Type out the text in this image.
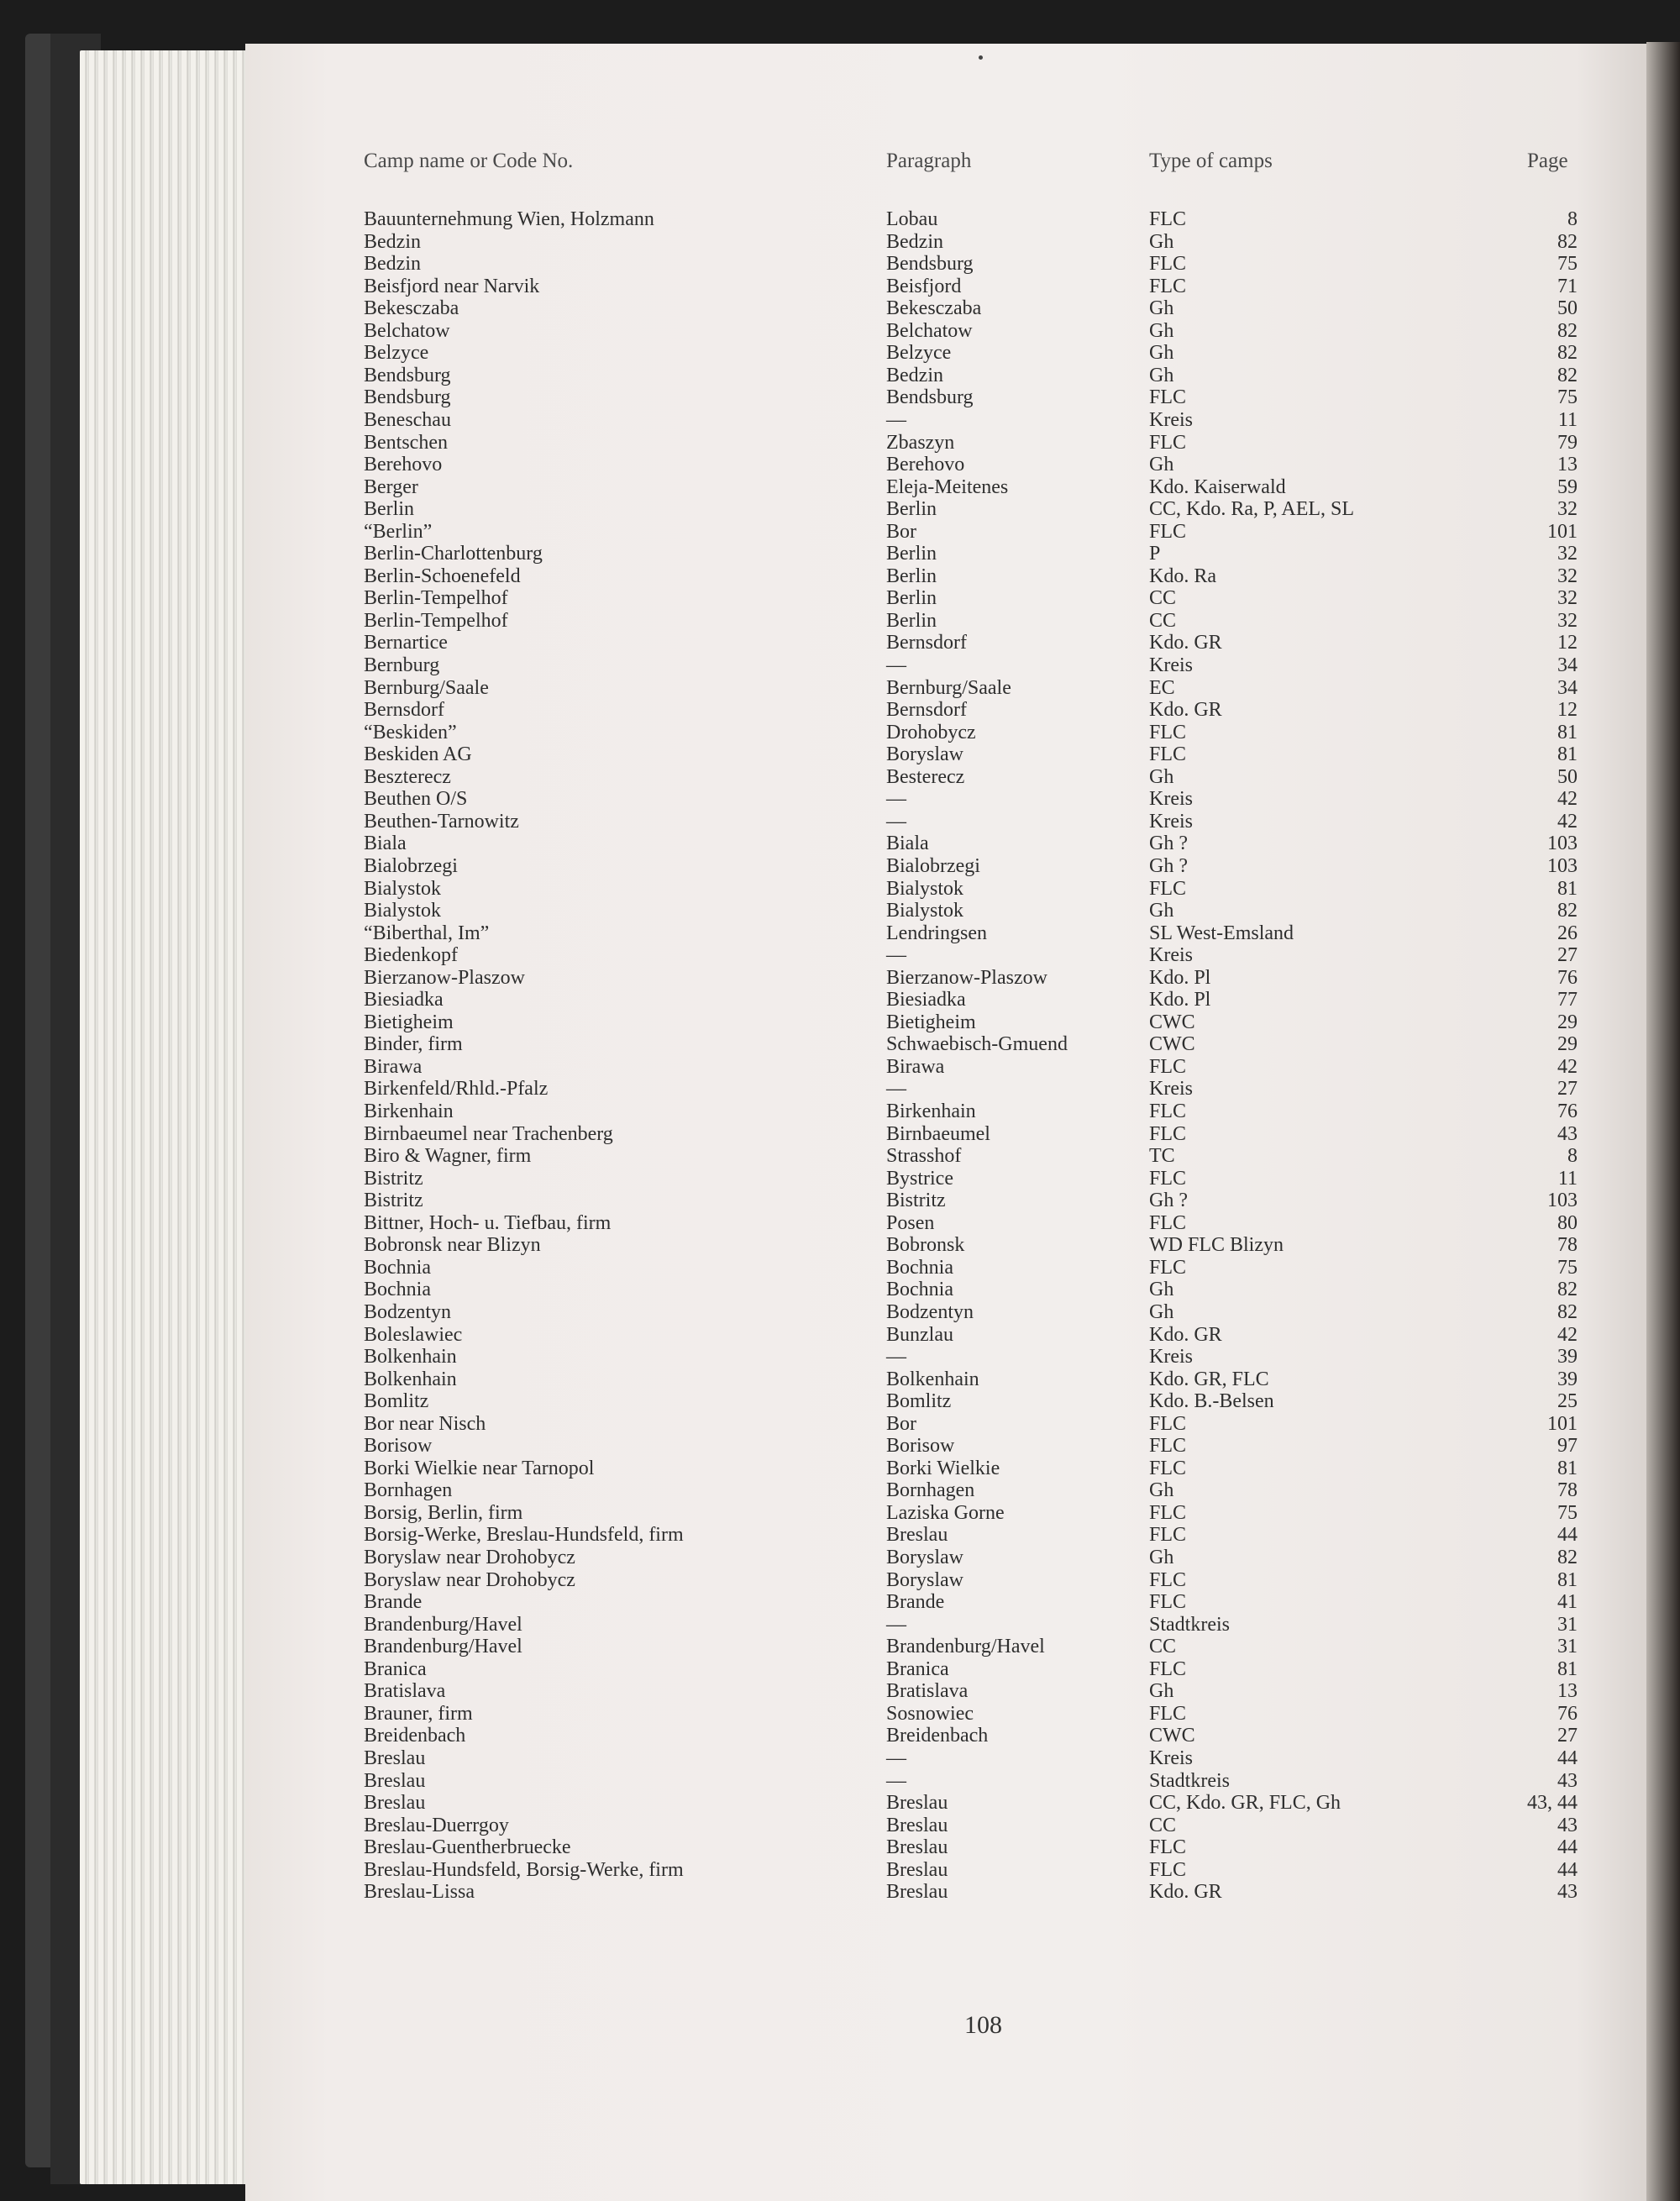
Camp name or Code No.	Paragraph	Type of camps	Page
Bauunternehmung Wien, Holzmann	Lobau	FLC	8
Bedzin	Bedzin	Gh	82
Bedzin	Bendsburg	FLC	75
Beisfjord near Narvik	Beisfjord	FLC	71
Bekesczaba	Bekesczaba	Gh	50
Belchatow	Belchatow	Gh	82
Belzyce	Belzyce	Gh	82
Bendsburg	Bedzin	Gh	82
Bendsburg	Bendsburg	FLC	75
Beneschau	—	Kreis	11
Bentschen	Zbaszyn	FLC	79
Berehovo	Berehovo	Gh	13
Berger	Eleja-Meitenes	Kdo. Kaiserwald	59
Berlin	Berlin	CC, Kdo. Ra, P, AEL, SL	32
“Berlin”	Bor	FLC	101
Berlin-Charlottenburg	Berlin	P	32
Berlin-Schoenefeld	Berlin	Kdo. Ra	32
Berlin-Tempelhof	Berlin	CC	32
Berlin-Tempelhof	Berlin	CC	32
Bernartice	Bernsdorf	Kdo. GR	12
Bernburg	—	Kreis	34
Bernburg/Saale	Bernburg/Saale	EC	34
Bernsdorf	Bernsdorf	Kdo. GR	12
“Beskiden”	Drohobycz	FLC	81
Beskiden AG	Boryslaw	FLC	81
Beszterecz	Besterecz	Gh	50
Beuthen O/S	—	Kreis	42
Beuthen-Tarnowitz	—	Kreis	42
Biala	Biala	Gh ?	103
Bialobrzegi	Bialobrzegi	Gh ?	103
Bialystok	Bialystok	FLC	81
Bialystok	Bialystok	Gh	82
“Biberthal, Im”	Lendringsen	SL West-Emsland	26
Biedenkopf	—	Kreis	27
Bierzanow-Plaszow	Bierzanow-Plaszow	Kdo. Pl	76
Biesiadka	Biesiadka	Kdo. Pl	77
Bietigheim	Bietigheim	CWC	29
Binder, firm	Schwaebisch-Gmuend	CWC	29
Birawa	Birawa	FLC	42
Birkenfeld/Rhld.-Pfalz	—	Kreis	27
Birkenhain	Birkenhain	FLC	76
Birnbaeumel near Trachenberg	Birnbaeumel	FLC	43
Biro & Wagner, firm	Strasshof	TC	8
Bistritz	Bystrice	FLC	11
Bistritz	Bistritz	Gh ?	103
Bittner, Hoch- u. Tiefbau, firm	Posen	FLC	80
Bobronsk near Blizyn	Bobronsk	WD FLC Blizyn	78
Bochnia	Bochnia	FLC	75
Bochnia	Bochnia	Gh	82
Bodzentyn	Bodzentyn	Gh	82
Boleslawiec	Bunzlau	Kdo. GR	42
Bolkenhain	—	Kreis	39
Bolkenhain	Bolkenhain	Kdo. GR, FLC	39
Bomlitz	Bomlitz	Kdo. B.-Belsen	25
Bor near Nisch	Bor	FLC	101
Borisow	Borisow	FLC	97
Borki Wielkie near Tarnopol	Borki Wielkie	FLC	81
Bornhagen	Bornhagen	Gh	78
Borsig, Berlin, firm	Laziska Gorne	FLC	75
Borsig-Werke, Breslau-Hundsfeld, firm	Breslau	FLC	44
Boryslaw near Drohobycz	Boryslaw	Gh	82
Boryslaw near Drohobycz	Boryslaw	FLC	81
Brande	Brande	FLC	41
Brandenburg/Havel	—	Stadtkreis	31
Brandenburg/Havel	Brandenburg/Havel	CC	31
Branica	Branica	FLC	81
Bratislava	Bratislava	Gh	13
Brauner, firm	Sosnowiec	FLC	76
Breidenbach	Breidenbach	CWC	27
Breslau	—	Kreis	44
Breslau	—	Stadtkreis	43
Breslau	Breslau	CC, Kdo. GR, FLC, Gh	43, 44
Breslau-Duerrgoy	Breslau	CC	43
Breslau-Guentherbruecke	Breslau	FLC	44
Breslau-Hundsfeld, Borsig-Werke, firm	Breslau	FLC	44
Breslau-Lissa	Breslau	Kdo. GR	43
108
